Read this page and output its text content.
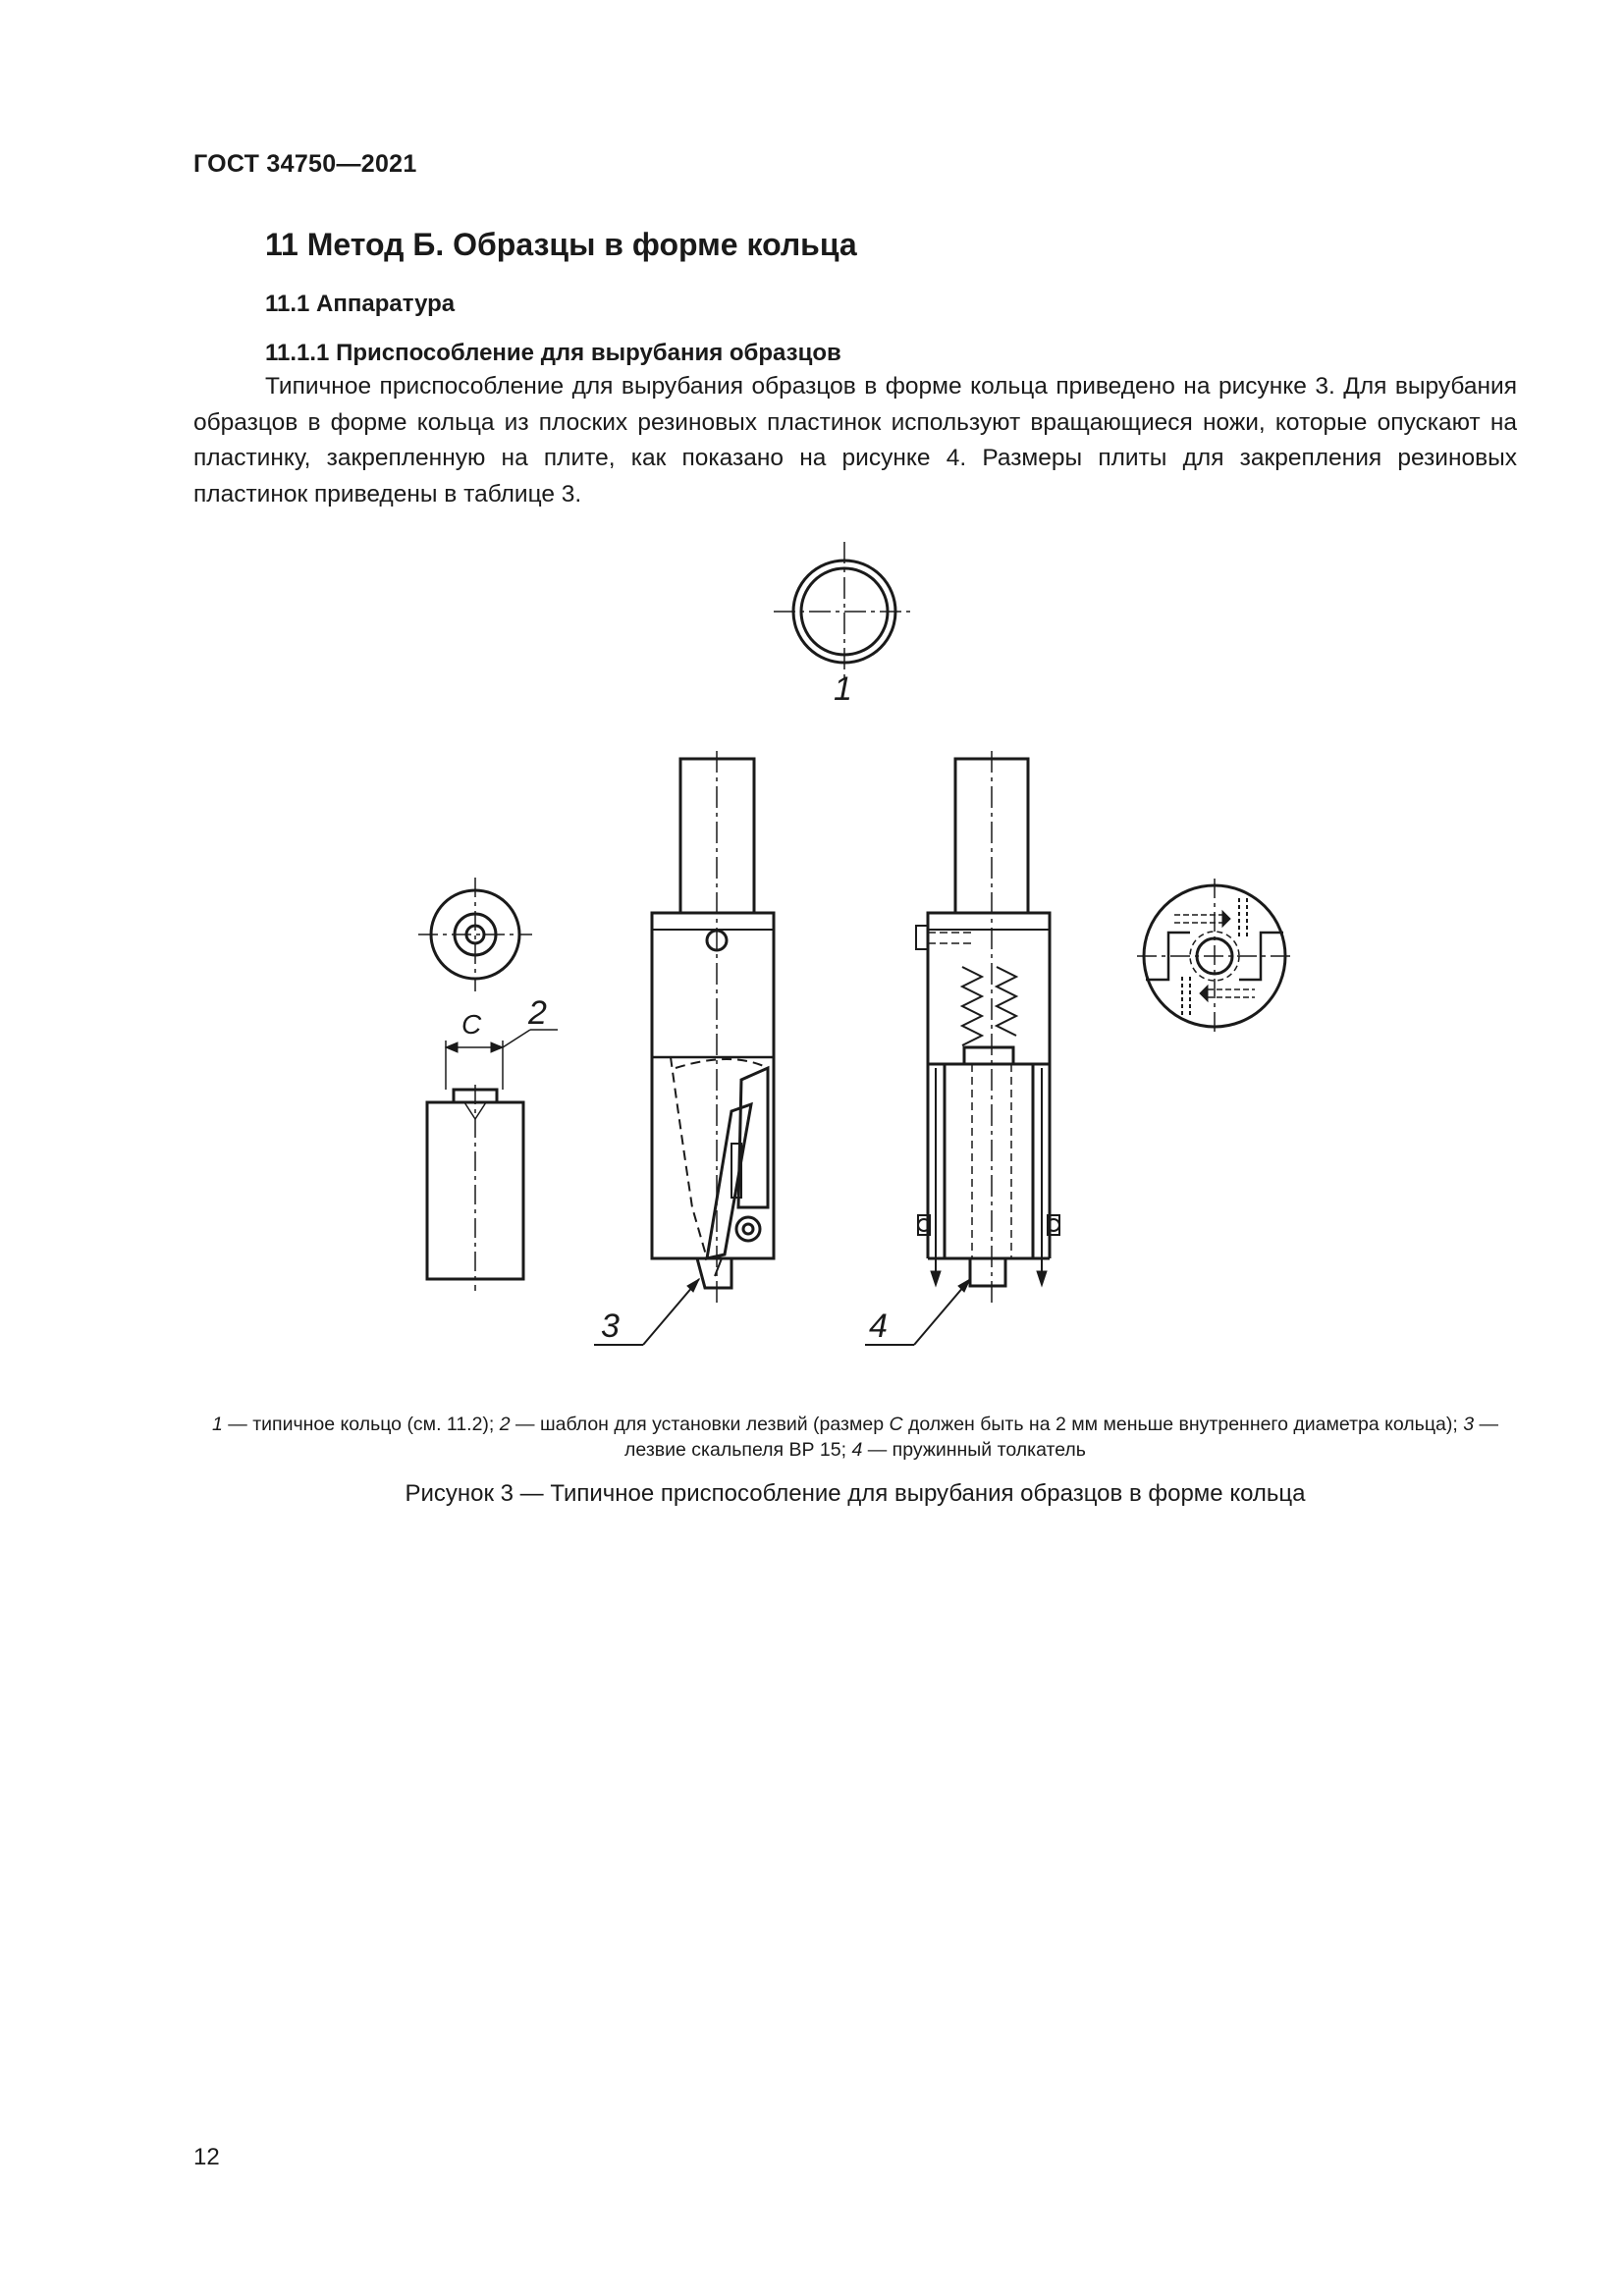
ГОСТ 34750—2021
11 Метод Б. Образцы в форме кольца
11.1 Аппаратура
11.1.1 Приспособление для вырубания образцов

Типичное приспособление для вырубания образцов в форме кольца приведено на рисунке 3. Для вырубания образцов в форме кольца из плоских резиновых пластинок используют вращающиеся ножи, которые опускают на пластинку, закрепленную на плите, как показано на рисунке 4. Размеры плиты для закрепления резиновых пластинок приведены в таблице 3.

1
2
C
3	4

1 — типичное кольцо (см. 11.2); 2 — шаблон для установки лезвий (размер C должен быть на 2 мм меньше внутреннего диаметра кольца); 3 — лезвие скальпеля ВР 15; 4 — пружинный толкатель

Рисунок 3 — Типичное приспособление для вырубания образцов в форме кольца

12
